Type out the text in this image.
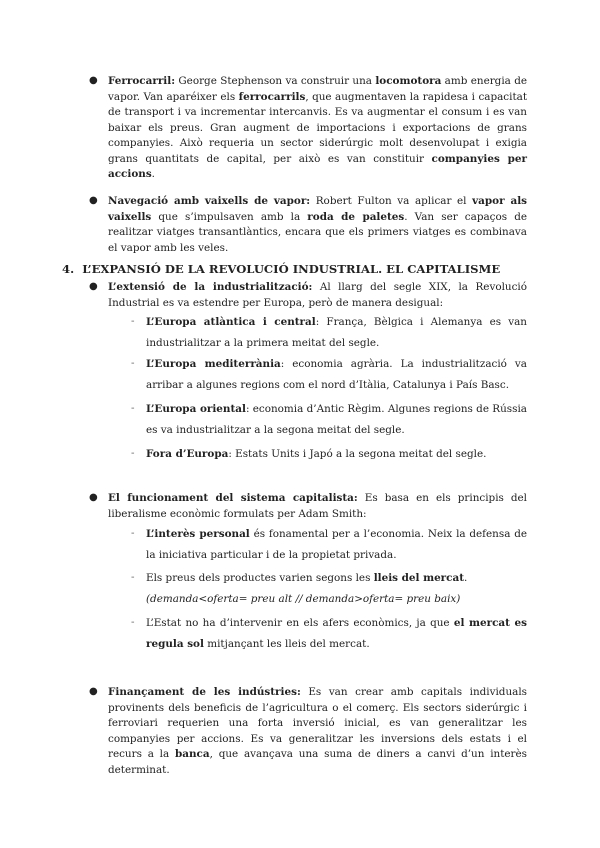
● Ferrocarril: George Stephenson va construir una locomotora amb energia de vapor. Van aparéixer els ferrocarrils, que augmentaven la rapidesa i capacitat de transport i va incrementar intercanvis. Es va augmentar el consum i es van baixar els preus. Gran augment de importacions i exportacions de grans companyies. Això requeria un sector siderúrgic molt desenvolupat i exigia grans quantitats de capital, per això es van constituir companyies per accions.
● Navegació amb vaixells de vapor: Robert Fulton va aplicar el vapor als vaixells que s’impulsaven amb la roda de paletes. Van ser capaços de realitzar viatges transantlàntics, encara que els primers viatges es combinava el vapor amb les veles.
4. L’EXPANSIÓ DE LA REVOLUCIÓ INDUSTRIAL. EL CAPITALISME
● L’extensió de la industrialització: Al llarg del segle XIX, la Revolució Industrial es va estendre per Europa, però de manera desigual:
- L’Europa atlàntica i central: França, Bèlgica i Alemanya es van industrialitzar a la primera meitat del segle.
- L’Europa mediterrània: economia agrària. La industrialització va arribar a algunes regions com el nord d’Itàlia, Catalunya i País Basc.
- L’Europa oriental: economia d’Antic Règim. Algunes regions de Rússia es va industrialitzar a la segona meitat del segle.
- Fora d’Europa: Estats Units i Japó a la segona meitat del segle.
● El funcionament del sistema capitalista: Es basa en els principis del liberalisme econòmic formulats per Adam Smith:
- L’interès personal és fonamental per a l’economia. Neix la defensa de la iniciativa particular i de la propietat privada.
- Els preus dels productes varien segons les lleis del mercat.
(demanda<oferta= preu alt // demanda>oferta= preu baix)
- L’Estat no ha d’intervenir en els afers econòmics, ja que el mercat es regula sol mitjançant les lleis del mercat.
● Finançament de les indústries: Es van crear amb capitals individuals provinents dels beneficis de l’agricultura o el comerç. Els sectors siderúrgic i ferroviari requerien una forta inversió inicial, es van generalitzar les companyies per accions. Es va generalitzar les inversions dels estats i el recurs a la banca, que avançava una suma de diners a canvi d’un interès determinat.
